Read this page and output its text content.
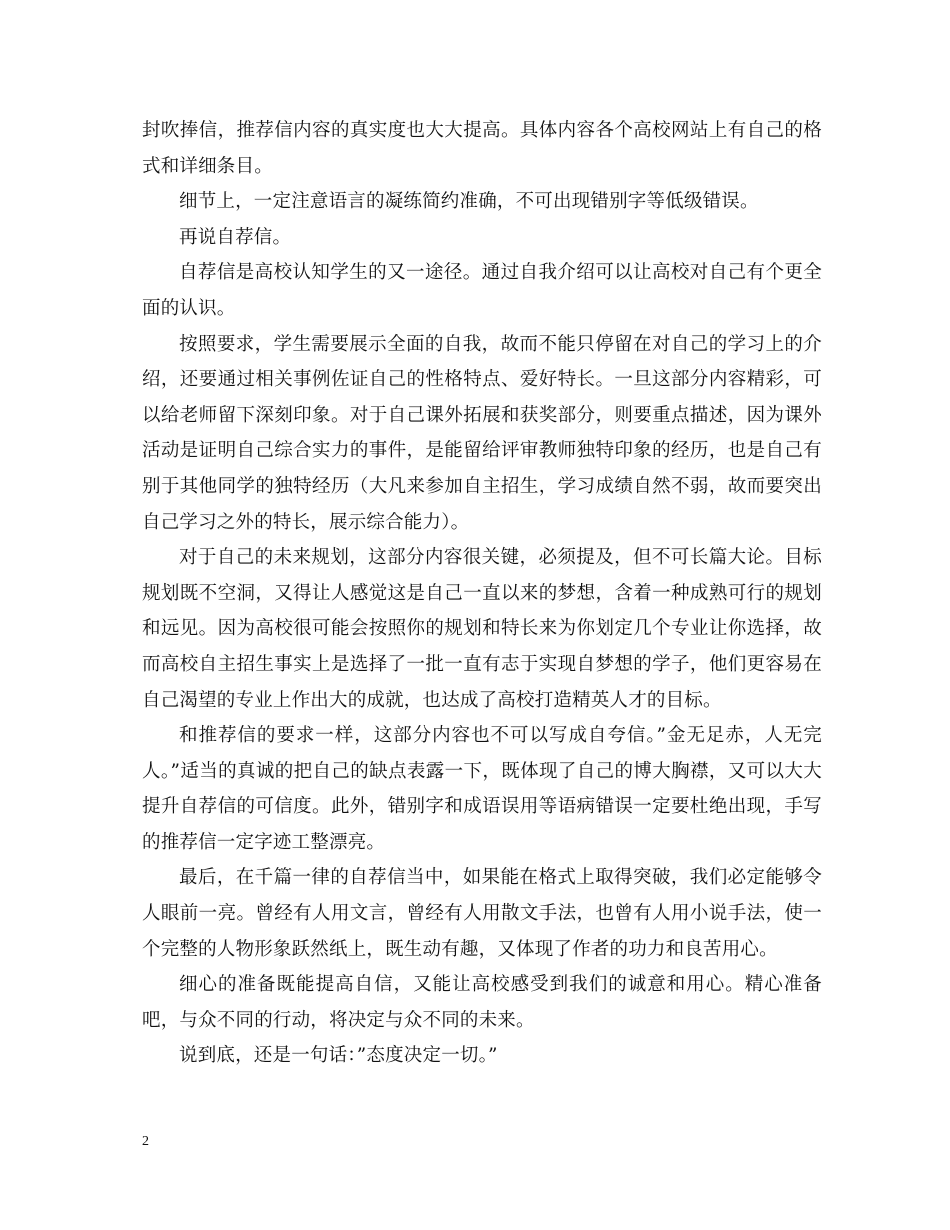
封吹捧信，推荐信内容的真实度也大大提高。具体内容各个高校网站上有自己的格式和详细条目。

细节上，一定注意语言的凝练简约准确，不可出现错别字等低级错误。

再说自荐信。

自荐信是高校认知学生的又一途径。通过自我介绍可以让高校对自己有个更全面的认识。

按照要求，学生需要展示全面的自我，故而不能只停留在对自己的学习上的介绍，还要通过相关事例佐证自己的性格特点、爱好特长。一旦这部分内容精彩，可以给老师留下深刻印象。对于自己课外拓展和获奖部分，则要重点描述，因为课外活动是证明自己综合实力的事件，是能留给评审教师独特印象的经历，也是自己有别于其他同学的独特经历（大凡来参加自主招生，学习成绩自然不弱，故而要突出自己学习之外的特长，展示综合能力）。

对于自己的未来规划，这部分内容很关键，必须提及，但不可长篇大论。目标规划既不空洞，又得让人感觉这是自己一直以来的梦想，含着一种成熟可行的规划和远见。因为高校很可能会按照你的规划和特长来为你划定几个专业让你选择，故而高校自主招生事实上是选择了一批一直有志于实现自梦想的学子，他们更容易在自己渴望的专业上作出大的成就，也达成了高校打造精英人才的目标。

和推荐信的要求一样，这部分内容也不可以写成自夸信。”金无足赤，人无完人。”适当的真诚的把自己的缺点表露一下，既体现了自己的博大胸襟，又可以大大提升自荐信的可信度。此外，错别字和成语误用等语病错误一定要杜绝出现，手写的推荐信一定字迹工整漂亮。

最后，在千篇一律的自荐信当中，如果能在格式上取得突破，我们必定能够令人眼前一亮。曾经有人用文言，曾经有人用散文手法，也曾有人用小说手法，使一个完整的人物形象跃然纸上，既生动有趣，又体现了作者的功力和良苦用心。

细心的准备既能提高自信，又能让高校感受到我们的诚意和用心。精心准备吧，与众不同的行动，将决定与众不同的未来。

说到底，还是一句话：”态度决定一切。”

2
